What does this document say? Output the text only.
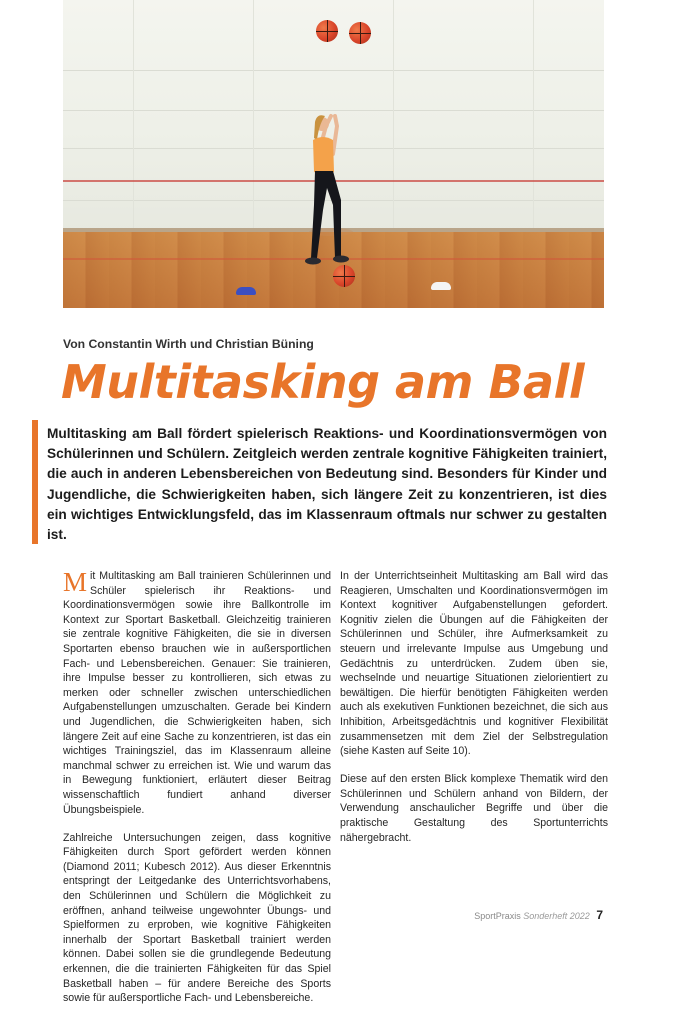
Von Constantin Wirth und Christian Büning

Multitasking am Ball

Multitasking am Ball fördert spielerisch Reaktions- und Koordinationsvermögen von Schülerinnen und Schülern. Zeitgleich werden zentrale kognitive Fähigkeiten trainiert, die auch in anderen Lebensbereichen von Bedeutung sind. Besonders für Kinder und Jugendliche, die Schwierigkeiten haben, sich längere Zeit zu konzentrieren, ist dies ein wichtiges Entwicklungsfeld, das im Klassenraum oftmals nur schwer zu gestalten ist.

Mit Multitasking am Ball trainieren Schülerinnen und Schüler spielerisch ihr Reaktions- und Koordinationsvermögen sowie ihre Ballkontrolle im Kontext zur Sportart Basketball. Gleichzeitig trainieren sie zentrale kognitive Fähigkeiten, die sie in diversen Sportarten ebenso brauchen wie in außersportlichen Fach- und Lebensbereichen. Genauer: Sie trainieren, ihre Impulse besser zu kontrollieren, sich etwas zu merken oder schneller zwischen unterschiedlichen Aufgabenstellungen umzuschalten. Gerade bei Kindern und Jugendlichen, die Schwierigkeiten haben, sich längere Zeit auf eine Sache zu konzentrieren, ist das ein wichtiges Trainingsziel, das im Klassenraum alleine manchmal schwer zu erreichen ist. Wie und warum das in Bewegung funktioniert, erläutert dieser Beitrag wissenschaftlich fundiert anhand diverser Übungsbeispiele.

Zahlreiche Untersuchungen zeigen, dass kognitive Fähigkeiten durch Sport gefördert werden können (Diamond 2011; Kubesch 2012). Aus dieser Erkenntnis entspringt der Leitgedanke des Unterrichtsvorhabens, den Schülerinnen und Schülern die Möglichkeit zu eröffnen, anhand teilweise ungewohnter Übungs- und Spielformen zu erproben, wie kognitive Fähigkeiten innerhalb der Sportart Basketball trainiert werden können. Dabei sollen sie die grundlegende Bedeutung erkennen, die die trainierten Fähigkeiten für das Spiel Basketball haben – für andere Bereiche des Sports sowie für außersportliche Fach- und Lebensbereiche.

In der Unterrichtseinheit Multitasking am Ball wird das Reagieren, Umschalten und Koordinationsvermögen im Kontext kognitiver Aufgabenstellungen gefordert. Kognitiv zielen die Übungen auf die Fähigkeiten der Schülerinnen und Schüler, ihre Aufmerksamkeit zu steuern und irrelevante Impulse aus Umgebung und Gedächtnis zu unterdrücken. Zudem üben sie, wechselnde und neuartige Situationen zielorientiert zu bewältigen. Die hierfür benötigten Fähigkeiten werden auch als exekutiven Funktionen bezeichnet, die sich aus Inhibition, Arbeitsgedächtnis und kognitiver Flexibilität zusammensetzen mit dem Ziel der Selbstregulation (siehe Kasten auf Seite 10).

Diese auf den ersten Blick komplexe Thematik wird den Schülerinnen und Schülern anhand von Bildern, der Verwendung anschaulicher Begriffe und über die praktische Gestaltung des Sportunterrichts nähergebracht.

SportPraxis Sonderheft 2022 7
